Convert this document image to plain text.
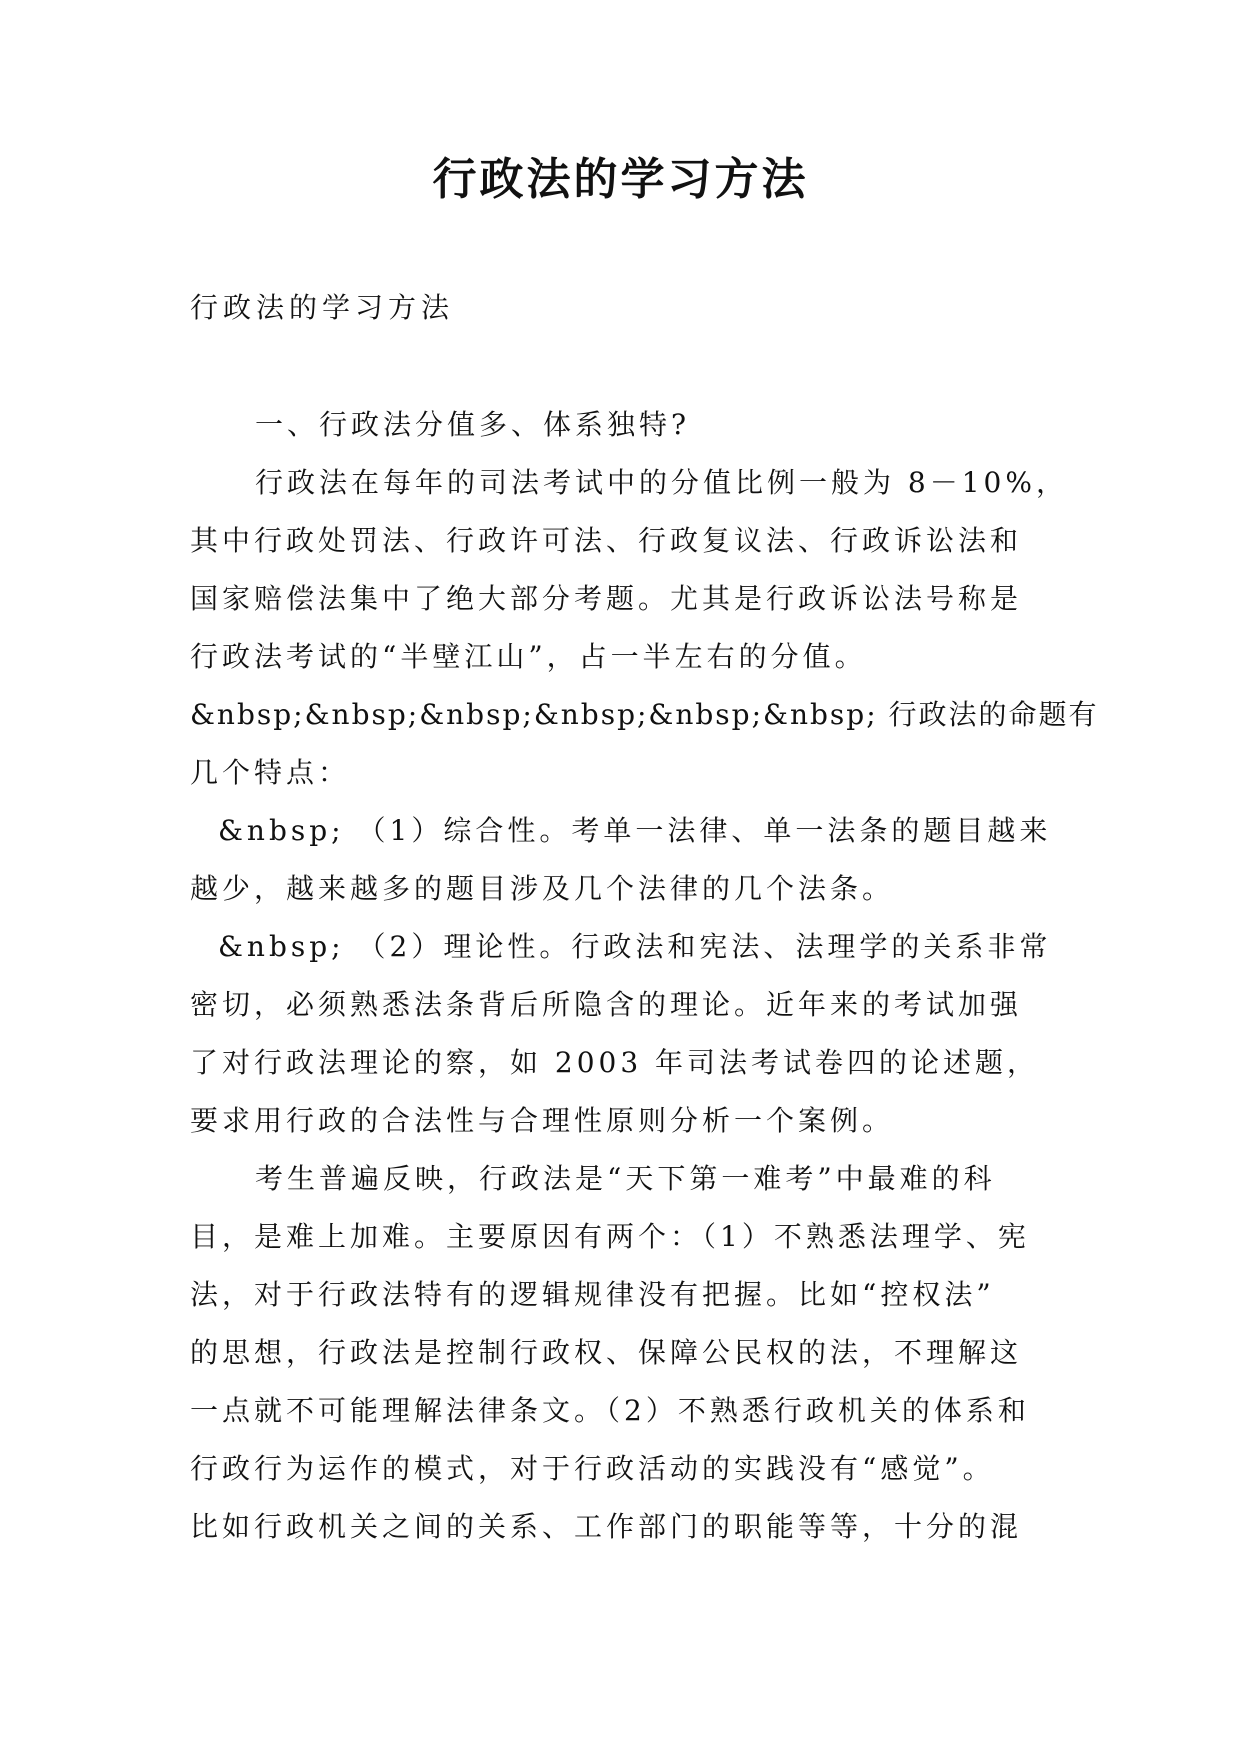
行政法的学习方法
行政法的学习方法
一、行政法分值多、体系独特?
行政法在每年的司法考试中的分值比例一般为 8－10%，
其中行政处罚法、行政许可法、行政复议法、行政诉讼法和
国家赔偿法集中了绝大部分考题。尤其是行政诉讼法号称是
行政法考试的“半壁江山”，占一半左右的分值。
&nbsp;&nbsp;&nbsp;&nbsp;&nbsp;&nbsp; 行政法的命题有
几个特点：
&nbsp; （1）综合性。考单一法律、单一法条的题目越来
越少，越来越多的题目涉及几个法律的几个法条。
&nbsp; （2）理论性。行政法和宪法、法理学的关系非常
密切，必须熟悉法条背后所隐含的理论。近年来的考试加强
了对行政法理论的察，如 2003 年司法考试卷四的论述题，
要求用行政的合法性与合理性原则分析一个案例。
考生普遍反映，行政法是“天下第一难考”中最难的科
目，是难上加难。主要原因有两个：（1）不熟悉法理学、宪
法，对于行政法特有的逻辑规律没有把握。比如“控权法”
的思想，行政法是控制行政权、保障公民权的法，不理解这
一点就不可能理解法律条文。（2）不熟悉行政机关的体系和
行政行为运作的模式，对于行政活动的实践没有“感觉”。
比如行政机关之间的关系、工作部门的职能等等，十分的混
